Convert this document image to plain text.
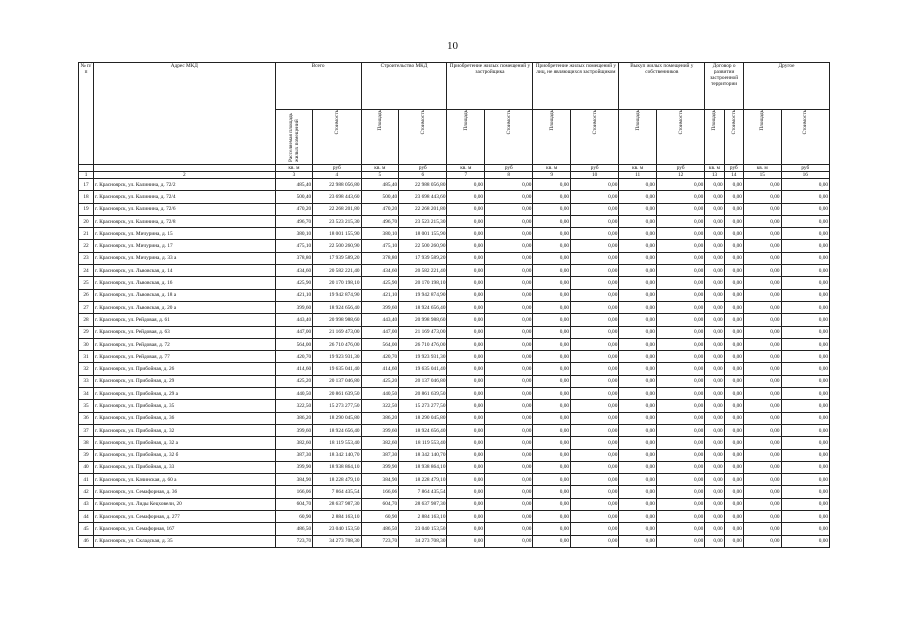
10
№ п/п	Адрес МКД	Всего		Строительство МКД		Приобретение жилых помещений у застройщика		Приобретение жилых помещений у лиц, не являющихся застройщиком		Выкуп жилых помещений у собственников		Договор о развитии застроенной территории		Другое	
		Расселяемая площадь жилых помещений	Стоимость	Площадь	Стоимость	Площадь	Стоимость	Площадь	Стоимость	Площадь	Стоимость	Площадь	Стоимость	Площадь	Стоимость
		кв. м	руб	кв. м	руб	кв. м	руб	кв. м	руб	кв. м	руб	кв. м	руб	кв. м	руб
1	2	3	4	5	6	7	8	9	10	11	12	13	14	15	16
17	г. Красноярск, ул. Калинина, д. 72/2	485,40	22 988 056,80	485,40	22 988 056,80	0,00	0,00	0,00	0,00	0,00	0,00	0,00	0,00	0,00	0,00
18	г. Красноярск, ул. Калинина, д. 72/4	500,40	23 698 443,60	500,40	23 698 443,60	0,00	0,00	0,00	0,00	0,00	0,00	0,00	0,00	0,00	0,00
19	г. Красноярск, ул. Калинина, д. 72/6	470,20	22 268 201,80	470,20	22 268 201,80	0,00	0,00	0,00	0,00	0,00	0,00	0,00	0,00	0,00	0,00
20	г. Красноярск, ул. Калинина, д. 72/8	496,70	23 523 215,30	496,70	23 523 215,30	0,00	0,00	0,00	0,00	0,00	0,00	0,00	0,00	0,00	0,00
21	г. Красноярск, ул. Мичурина, д. 15	380,10	18 001 155,90	380,10	18 001 155,90	0,00	0,00	0,00	0,00	0,00	0,00	0,00	0,00	0,00	0,00
22	г. Красноярск, ул. Мичурина, д. 17	475,10	22 500 260,90	475,10	22 500 260,90	0,00	0,00	0,00	0,00	0,00	0,00	0,00	0,00	0,00	0,00
23	г. Красноярск, ул. Мичурина, д. 33 а	378,80	17 939 589,20	378,80	17 939 589,20	0,00	0,00	0,00	0,00	0,00	0,00	0,00	0,00	0,00	0,00
24	г. Красноярск, ул. Львовская, д. 14	434,60	20 582 221,40	434,60	20 582 221,40	0,00	0,00	0,00	0,00	0,00	0,00	0,00	0,00	0,00	0,00
25	г. Красноярск, ул. Львовская, д. 16	425,90	20 170 198,10	425,90	20 170 198,10	0,00	0,00	0,00	0,00	0,00	0,00	0,00	0,00	0,00	0,00
26	г. Красноярск, ул. Львовская, д. 18 а	421,10	19 942 874,90	421,10	19 942 874,90	0,00	0,00	0,00	0,00	0,00	0,00	0,00	0,00	0,00	0,00
27	г. Красноярск, ул. Львовская, д. 20 а	399,60	18 924 656,40	399,60	18 924 656,40	0,00	0,00	0,00	0,00	0,00	0,00	0,00	0,00	0,00	0,00
28	г. Красноярск, ул. Рейдовая, д. 61	443,40	20 998 988,60	443,40	20 998 988,60	0,00	0,00	0,00	0,00	0,00	0,00	0,00	0,00	0,00	0,00
29	г. Красноярск, ул. Рейдовая, д. 63	447,00	21 169 473,00	447,00	21 169 473,00	0,00	0,00	0,00	0,00	0,00	0,00	0,00	0,00	0,00	0,00
30	г. Красноярск, ул. Рейдовая, д. 72	564,00	26 710 476,00	564,00	26 710 476,00	0,00	0,00	0,00	0,00	0,00	0,00	0,00	0,00	0,00	0,00
31	г. Красноярск, ул. Рейдовая, д. 77	420,70	19 923 931,30	420,70	19 923 931,30	0,00	0,00	0,00	0,00	0,00	0,00	0,00	0,00	0,00	0,00
32	г. Красноярск, ул. Прибойная, д. 26	414,60	19 635 041,40	414,60	19 635 041,40	0,00	0,00	0,00	0,00	0,00	0,00	0,00	0,00	0,00	0,00
33	г. Красноярск, ул. Прибойная, д. 29	425,20	20 137 046,80	425,20	20 137 046,80	0,00	0,00	0,00	0,00	0,00	0,00	0,00	0,00	0,00	0,00
34	г. Красноярск, ул. Прибойная, д. 29 а	440,50	20 861 639,50	440,50	20 861 639,50	0,00	0,00	0,00	0,00	0,00	0,00	0,00	0,00	0,00	0,00
35	г. Красноярск, ул. Прибойная, д. 35	322,50	15 273 277,50	322,50	15 273 277,50	0,00	0,00	0,00	0,00	0,00	0,00	0,00	0,00	0,00	0,00
36	г. Красноярск, ул. Прибойная, д. 36	386,20	18 290 045,80	386,20	18 290 045,80	0,00	0,00	0,00	0,00	0,00	0,00	0,00	0,00	0,00	0,00
37	г. Красноярск, ул. Прибойная, д. 32	399,60	18 924 656,40	399,60	18 924 656,40	0,00	0,00	0,00	0,00	0,00	0,00	0,00	0,00	0,00	0,00
38	г. Красноярск, ул. Прибойная, д. 32 а	382,60	18 119 553,40	382,60	18 119 553,40	0,00	0,00	0,00	0,00	0,00	0,00	0,00	0,00	0,00	0,00
39	г. Красноярск, ул. Прибойная, д. 32 б	387,30	18 342 140,70	387,30	18 342 140,70	0,00	0,00	0,00	0,00	0,00	0,00	0,00	0,00	0,00	0,00
40	г. Красноярск, ул. Прибойная, д. 33	399,90	18 938 864,10	399,90	18 938 864,10	0,00	0,00	0,00	0,00	0,00	0,00	0,00	0,00	0,00	0,00
41	г. Красноярск, ул. Качинская, д. 60 а	384,90	18 228 479,10	384,90	18 228 479,10	0,00	0,00	0,00	0,00	0,00	0,00	0,00	0,00	0,00	0,00
42	г. Красноярск, ул. Семафорная, д. 36	166,06	7 864 435,54	166,06	7 864 435,54	0,00	0,00	0,00	0,00	0,00	0,00	0,00	0,00	0,00	0,00
43	г. Красноярск, ул. Лиды Кецховели, 20	604,70	28 637 987,30	604,70	28 637 987,30	0,00	0,00	0,00	0,00	0,00	0,00	0,00	0,00	0,00	0,00
44	г. Красноярск, ул. Семафорная, д. 277	60,90	2 884 163,10	60,90	2 884 163,10	0,00	0,00	0,00	0,00	0,00	0,00	0,00	0,00	0,00	0,00
45	г. Красноярск, ул. Семафорная, 167	486,50	23 040 153,50	486,50	23 040 153,50	0,00	0,00	0,00	0,00	0,00	0,00	0,00	0,00	0,00	0,00
46	г. Красноярск, ул. Складская, д. 35	723,70	34 273 708,30	723,70	34 273 708,30	0,00	0,00	0,00	0,00	0,00	0,00	0,00	0,00	0,00	0,00
